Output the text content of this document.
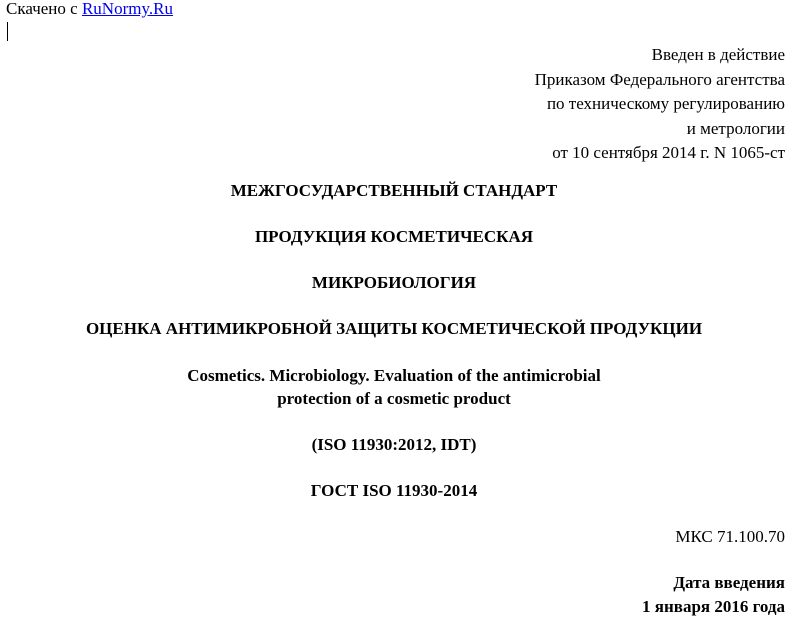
Скачено с RuNormy.Ru
Введен в действие
Приказом Федерального агентства
по техническому регулированию
и метрологии
от 10 сентября 2014 г. N 1065-ст
МЕЖГОСУДАРСТВЕННЫЙ СТАНДАРТ
ПРОДУКЦИЯ КОСМЕТИЧЕСКАЯ
МИКРОБИОЛОГИЯ
ОЦЕНКА АНТИМИКРОБНОЙ ЗАЩИТЫ КОСМЕТИЧЕСКОЙ ПРОДУКЦИИ
Cosmetics. Microbiology. Evaluation of the antimicrobial
protection of a cosmetic product
(ISO 11930:2012, IDT)
ГОСТ ISO 11930-2014
МКС 71.100.70
Дата введения
1 января 2016 года
